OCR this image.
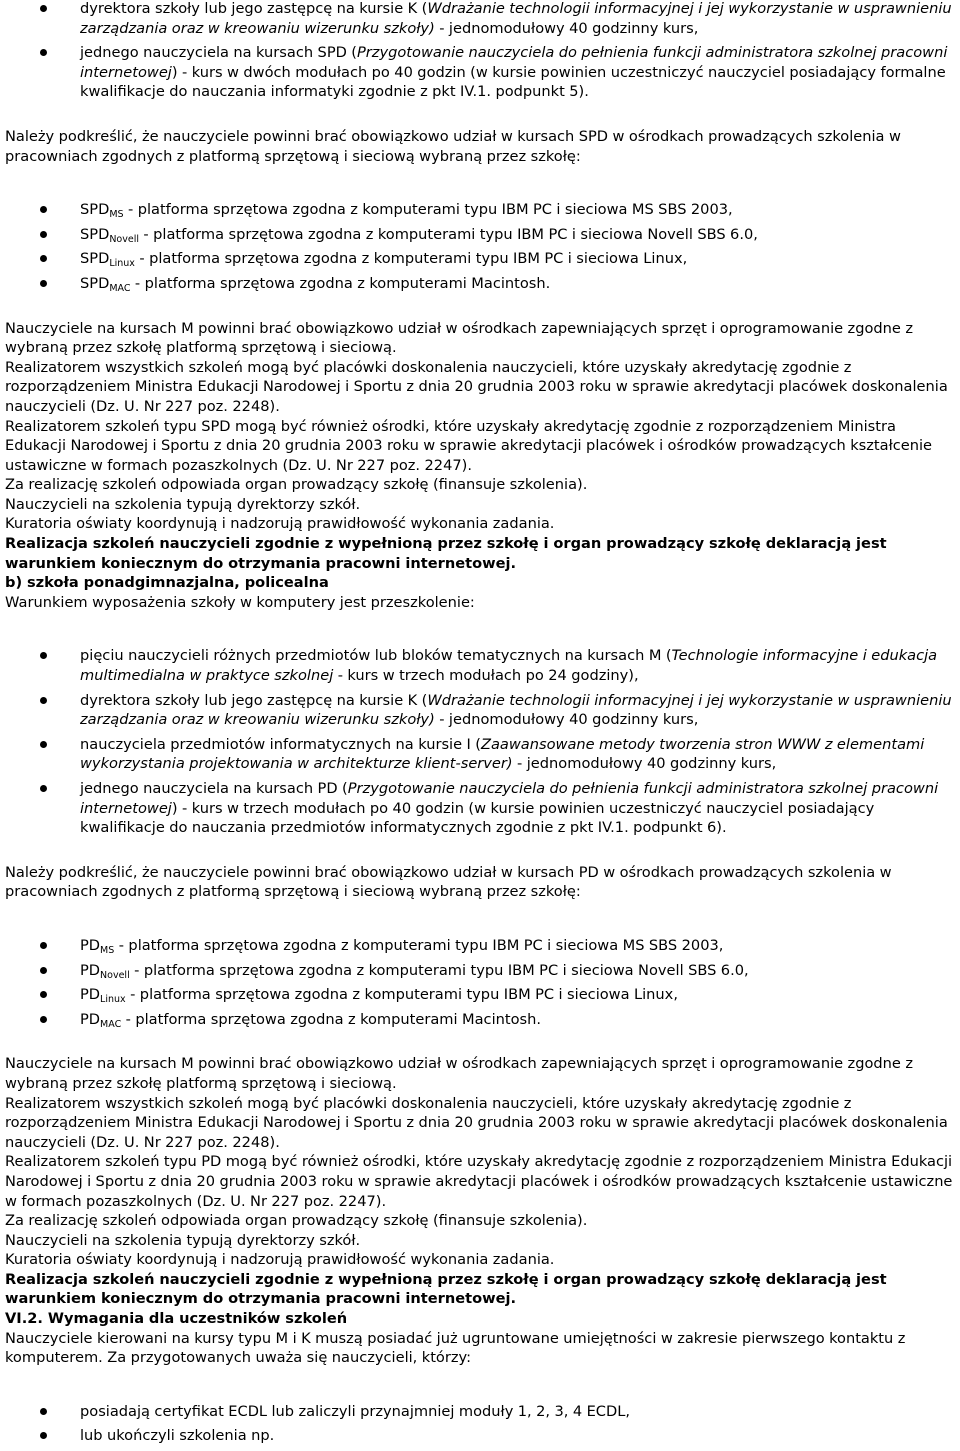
dyrektora szkoły lub jego zastępcę na kursie K (Wdrażanie technologii informacyjnej i jej wykorzystanie w usprawnieniu zarządzania oraz w kreowaniu wizerunku szkoły) - jednomodułowy 40 godzinny kurs,
jednego nauczyciela na kursach SPD (Przygotowanie nauczyciela do pełnienia funkcji administratora szkolnej pracowni internetowej) - kurs w dwóch modułach po 40 godzin (w kursie powinien uczestniczyć nauczyciel posiadający formalne kwalifikacje do nauczania informatyki zgodnie z pkt IV.1. podpunkt 5).

Należy podkreślić, że nauczyciele powinni brać obowiązkowo udział w kursach SPD w ośrodkach prowadzących szkolenia w pracowniach zgodnych z platformą sprzętową i sieciową wybraną przez szkołę:

$SPD_{MS}$ - platforma sprzętowa zgodna z komputerami typu IBM PC i sieciowa MS SBS 2003,
$SPD_{Novell}$ - platforma sprzętowa zgodna z komputerami typu IBM PC i sieciowa Novell SBS 6.0,
$SPD_{Linux}$ - platforma sprzętowa zgodna z komputerami typu IBM PC i sieciowa Linux,
$SPD_{MAC}$ - platforma sprzętowa zgodna z komputerami Macintosh.

Nauczyciele na kursach M powinni brać obowiązkowo udział w ośrodkach zapewniających sprzęt i oprogramowanie zgodne z wybraną przez szkołę platformą sprzętową i sieciową.

Realizatorem wszystkich szkoleń mogą być placówki doskonalenia nauczycieli, które uzyskały akredytację zgodnie z rozporządzeniem Ministra Edukacji Narodowej i Sportu z dnia 20 grudnia 2003 roku w sprawie akredytacji placówek doskonalenia nauczycieli (Dz. U. Nr 227 poz. 2248).

Realizatorem szkoleń typu SPD mogą być również ośrodki, które uzyskały akredytację zgodnie z rozporządzeniem Ministra Edukacji Narodowej i Sportu z dnia 20 grudnia 2003 roku w sprawie akredytacji placówek i ośrodków prowadzących kształcenie ustawiczne w formach pozaszkolnych (Dz. U. Nr 227 poz. 2247).

Za realizację szkoleń odpowiada organ prowadzący szkołę (finansuje szkolenia).

Nauczycieli na szkolenia typują dyrektorzy szkół.

Kuratoria oświaty koordynują i nadzorują prawidłowość wykonania zadania.

Realizacja szkoleń nauczycieli zgodnie z wypełnioną przez szkołę i organ prowadzący szkołę deklaracją jest warunkiem koniecznym do otrzymania pracowni internetowej.

b) szkoła ponadgimnazjalna, policealna

Warunkiem wyposażenia szkoły w komputery jest przeszkolenie:

pięciu nauczycieli różnych przedmiotów lub bloków tematycznych na kursach M (Technologie informacyjne i edukacja multimedialna w praktyce szkolnej - kurs w trzech modułach po 24 godziny),
dyrektora szkoły lub jego zastępcę na kursie K (Wdrażanie technologii informacyjnej i jej wykorzystanie w usprawnieniu zarządzania oraz w kreowaniu wizerunku szkoły) - jednomodułowy 40 godzinny kurs,
nauczyciela przedmiotów informatycznych na kursie I (Zaawansowane metody tworzenia stron WWW z elementami wykorzystania projektowania w architekturze klient-server) - jednomodułowy 40 godzinny kurs,
jednego nauczyciela na kursach PD (Przygotowanie nauczyciela do pełnienia funkcji administratora szkolnej pracowni internetowej) - kurs w trzech modułach po 40 godzin (w kursie powinien uczestniczyć nauczyciel posiadający kwalifikacje do nauczania przedmiotów informatycznych zgodnie z pkt IV.1. podpunkt 6).

Należy podkreślić, że nauczyciele powinni brać obowiązkowo udział w kursach PD w ośrodkach prowadzących szkolenia w pracowniach zgodnych z platformą sprzętową i sieciową wybraną przez szkołę:

$PD_{MS}$ - platforma sprzętowa zgodna z komputerami typu IBM PC i sieciowa MS SBS 2003,
$PD_{Novell}$ - platforma sprzętowa zgodna z komputerami typu IBM PC i sieciowa Novell SBS 6.0,
$PD_{Linux}$ - platforma sprzętowa zgodna z komputerami typu IBM PC i sieciowa Linux,
$PD_{MAC}$ - platforma sprzętowa zgodna z komputerami Macintosh.

Nauczyciele na kursach M powinni brać obowiązkowo udział w ośrodkach zapewniających sprzęt i oprogramowanie zgodne z wybraną przez szkołę platformą sprzętową i sieciową.

Realizatorem wszystkich szkoleń mogą być placówki doskonalenia nauczycieli, które uzyskały akredytację zgodnie z rozporządzeniem Ministra Edukacji Narodowej i Sportu z dnia 20 grudnia 2003 roku w sprawie akredytacji placówek doskonalenia nauczycieli (Dz. U. Nr 227 poz. 2248).

Realizatorem szkoleń typu PD mogą być również ośrodki, które uzyskały akredytację zgodnie z rozporządzeniem Ministra Edukacji Narodowej i Sportu z dnia 20 grudnia 2003 roku w sprawie akredytacji placówek i ośrodków prowadzących kształcenie ustawiczne w formach pozaszkolnych (Dz. U. Nr 227 poz. 2247).

Za realizację szkoleń odpowiada organ prowadzący szkołę (finansuje szkolenia).

Nauczycieli na szkolenia typują dyrektorzy szkół.

Kuratoria oświaty koordynują i nadzorują prawidłowość wykonania zadania.

Realizacja szkoleń nauczycieli zgodnie z wypełnioną przez szkołę i organ prowadzący szkołę deklaracją jest warunkiem koniecznym do otrzymania pracowni internetowej.

VI.2. Wymagania dla uczestników szkoleń

Nauczyciele kierowani na kursy typu M i K muszą posiadać już ugruntowane umiejętności w zakresie pierwszego kontaktu z komputerem. Za przygotowanych uważa się nauczycieli, którzy:

posiadają certyfikat ECDL lub zaliczyli przynajmniej moduły 1, 2, 3, 4 ECDL,
lub ukończyli szkolenia np.
